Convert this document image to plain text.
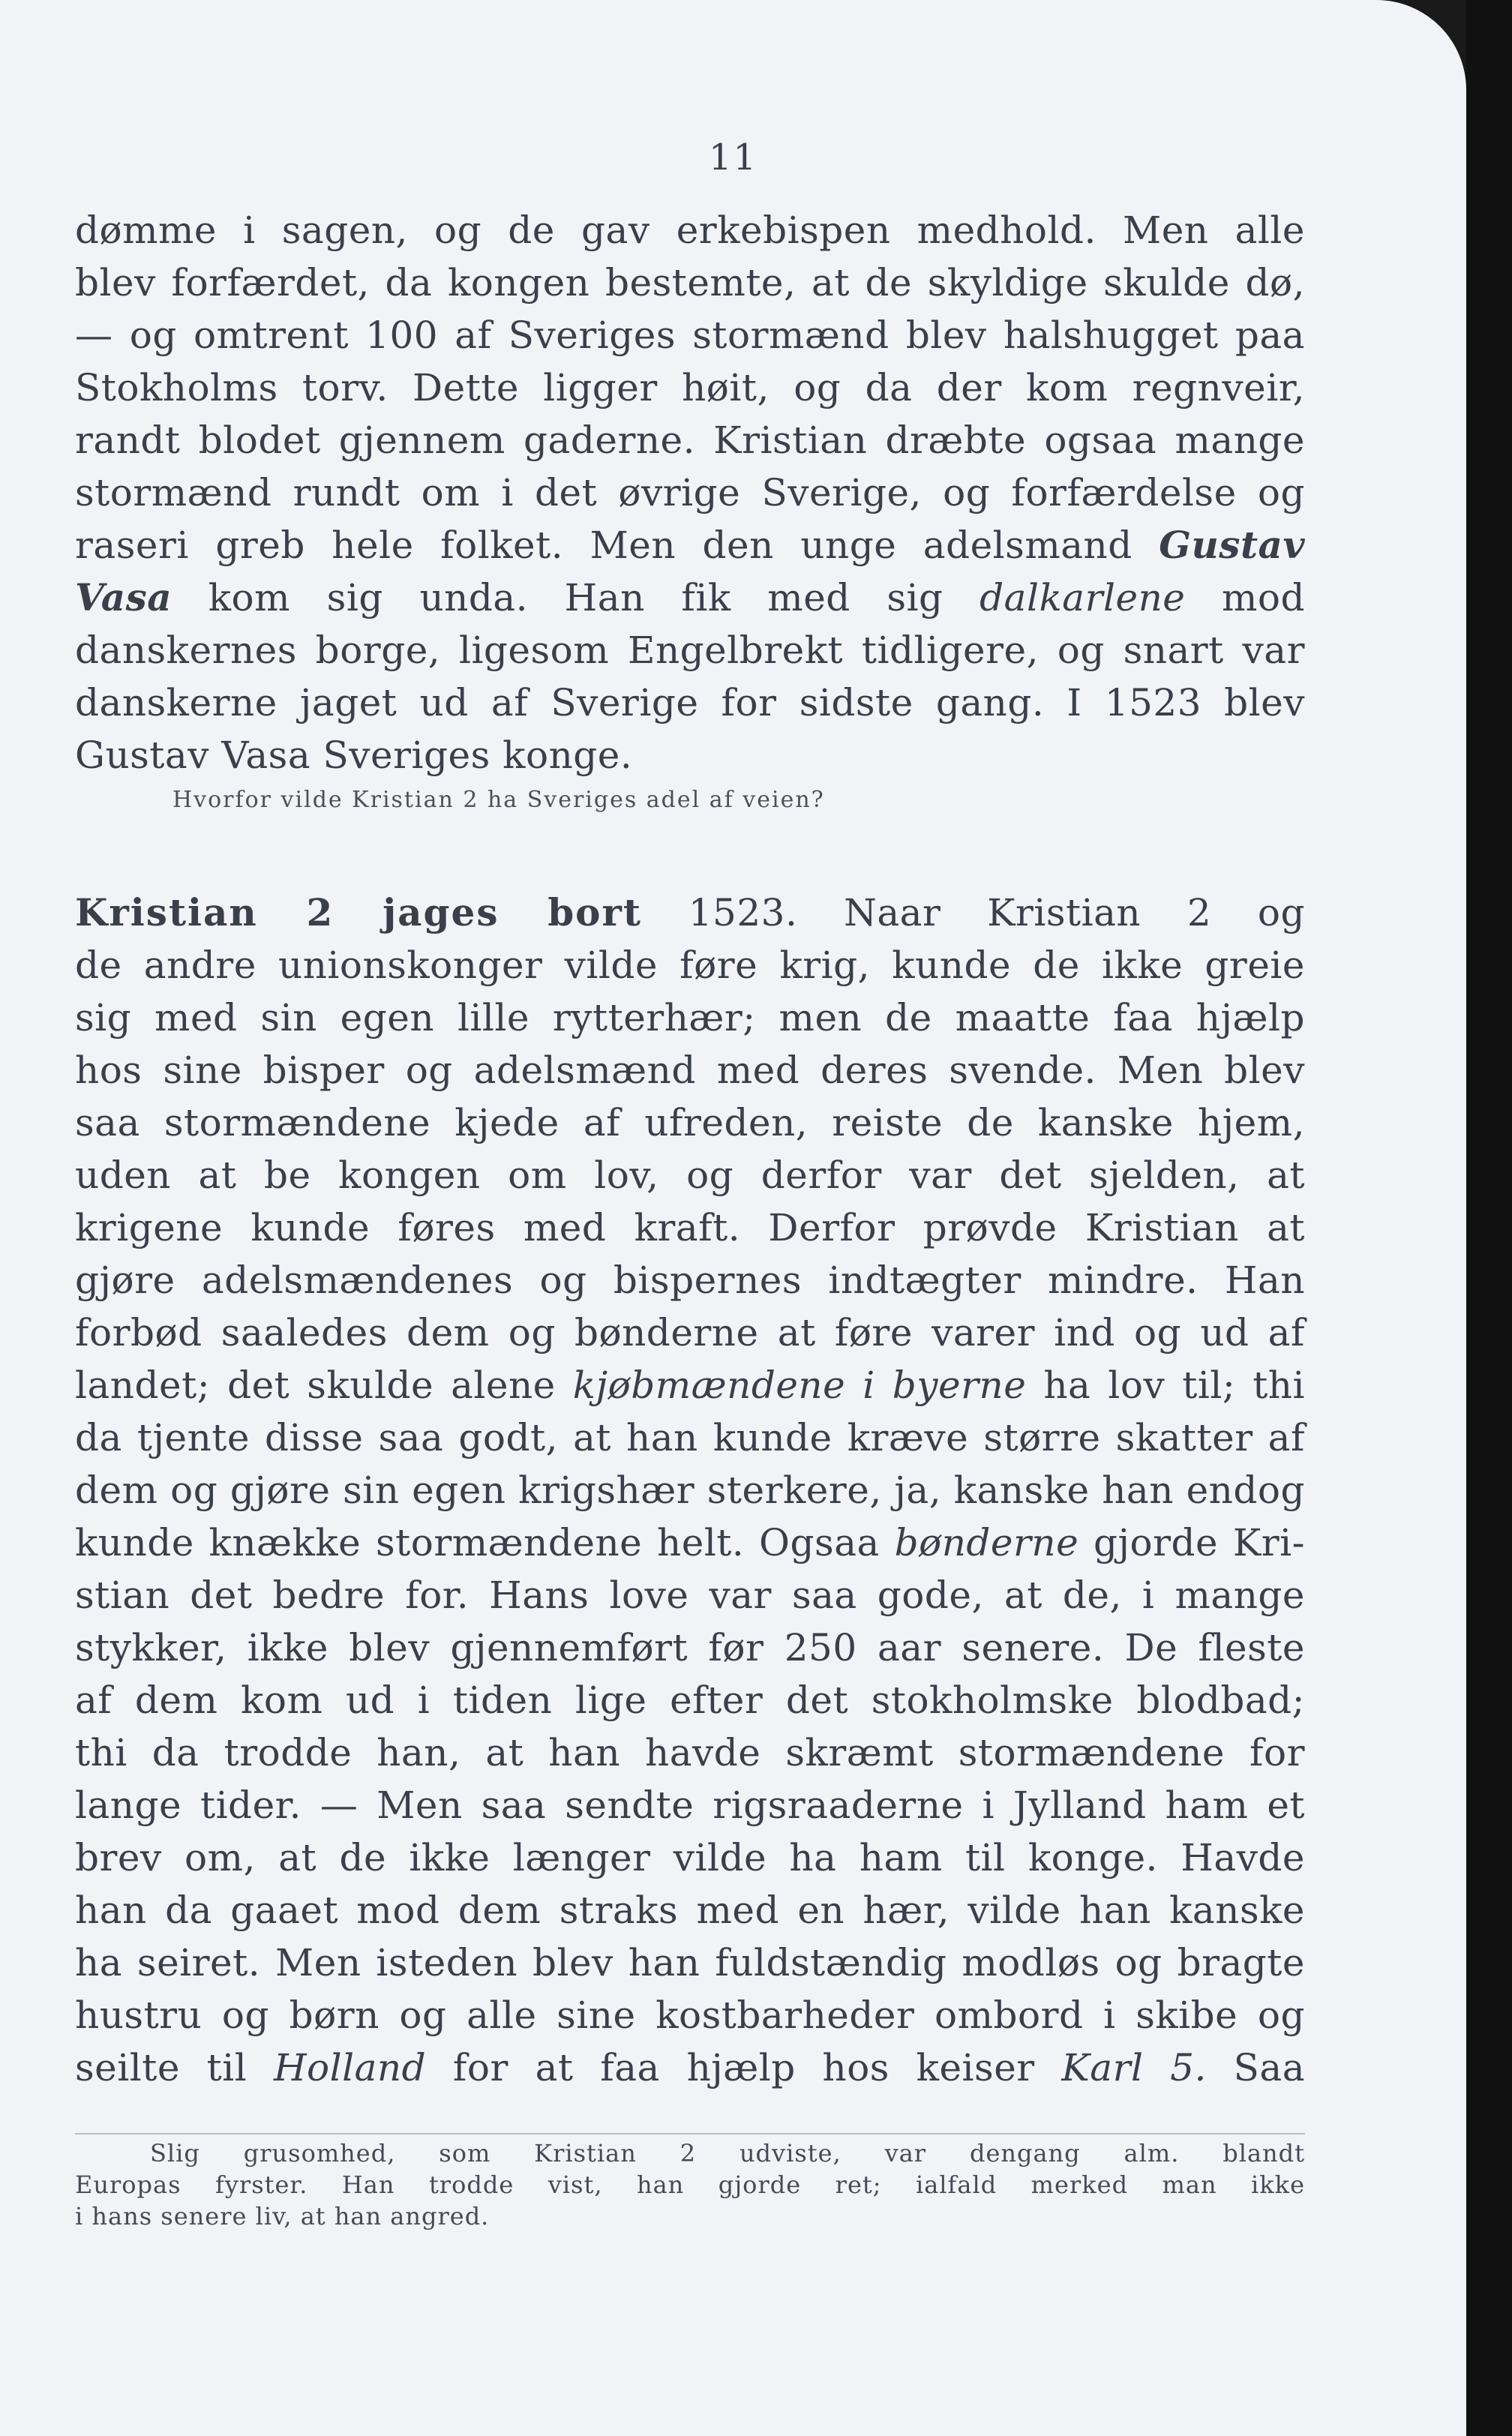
11
dømme i sagen, og de gav erkebispen medhold. Men alle
blev forfærdet, da kongen bestemte, at de skyldige skulde dø,
— og omtrent 100 af Sveriges stormænd blev halshugget paa
Stokholms torv. Dette ligger høit, og da der kom regnveir,
randt blodet gjennem gaderne. Kristian dræbte ogsaa mange
stormænd rundt om i det øvrige Sverige, og forfærdelse og
raseri greb hele folket. Men den unge adelsmand Gustav
Vasa kom sig unda. Han fik med sig dalkarlene mod
danskernes borge, ligesom Engelbrekt tidligere, og snart var
danskerne jaget ud af Sverige for sidste gang. I 1523 blev
Gustav Vasa Sveriges konge.
Hvorfor vilde Kristian 2 ha Sveriges adel af veien?
Kristian 2 jages bort 1523. Naar Kristian 2 og
de andre unionskonger vilde føre krig, kunde de ikke greie
sig med sin egen lille rytterhær; men de maatte faa hjælp
hos sine bisper og adelsmænd med deres svende. Men blev
saa stormændene kjede af ufreden, reiste de kanske hjem,
uden at be kongen om lov, og derfor var det sjelden, at
krigene kunde føres med kraft. Derfor prøvde Kristian at
gjøre adelsmændenes og bispernes indtægter mindre. Han
forbød saaledes dem og bønderne at føre varer ind og ud af
landet; det skulde alene kjøbmændene i byerne ha lov til; thi
da tjente disse saa godt, at han kunde kræve større skatter af
dem og gjøre sin egen krigshær sterkere, ja, kanske han endog
kunde knække stormændene helt. Ogsaa bønderne gjorde Kri-
stian det bedre for. Hans love var saa gode, at de, i mange
stykker, ikke blev gjennemført før 250 aar senere. De fleste
af dem kom ud i tiden lige efter det stokholmske blodbad;
thi da trodde han, at han havde skræmt stormændene for
lange tider. — Men saa sendte rigsraaderne i Jylland ham et
brev om, at de ikke længer vilde ha ham til konge. Havde
han da gaaet mod dem straks med en hær, vilde han kanske
ha seiret. Men isteden blev han fuldstændig modløs og bragte
hustru og børn og alle sine kostbarheder ombord i skibe og
seilte til Holland for at faa hjælp hos keiser Karl 5. Saa
Slig grusomhed, som Kristian 2 udviste, var dengang alm. blandt
Europas fyrster. Han trodde vist, han gjorde ret; ialfald merked man ikke
i hans senere liv, at han angred.
